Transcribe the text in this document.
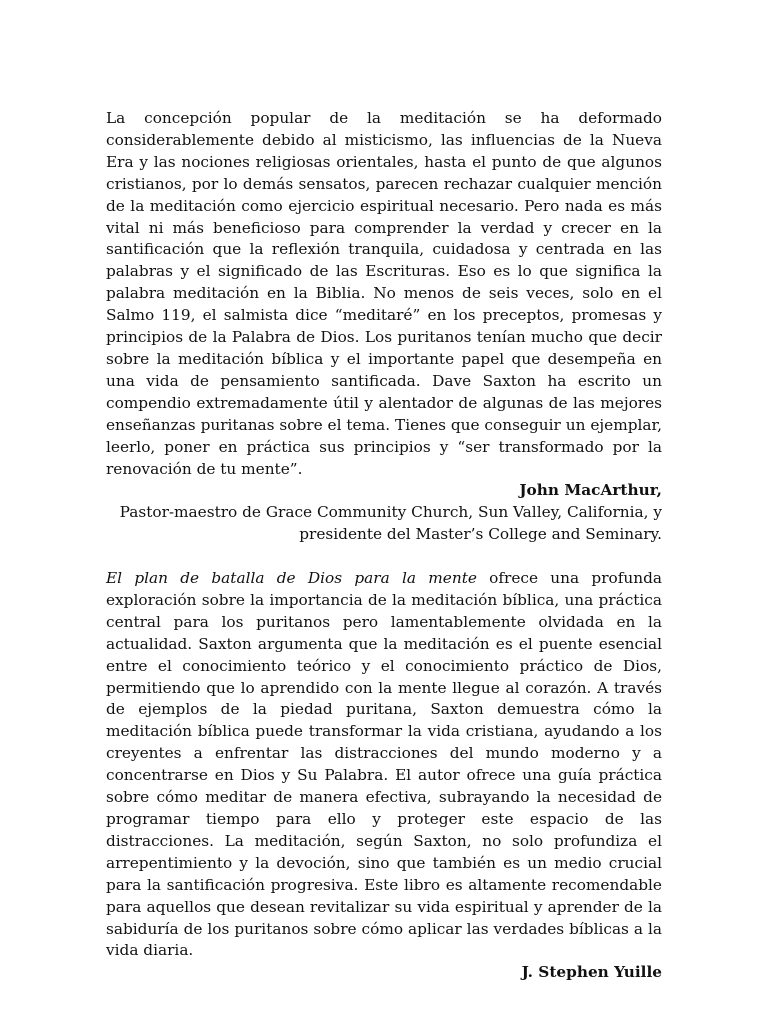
La concepción popular de la meditación se ha deformado considerablemente debido al misticismo, las influencias de la Nueva Era y las nociones religiosas orientales, hasta el punto de que algunos cristianos, por lo demás sensatos, parecen rechazar cualquier mención de la meditación como ejercicio espiritual necesario. Pero nada es más vital ni más beneficioso para comprender la verdad y crecer en la santificación que la reflexión tranquila, cuidadosa y centrada en las palabras y el significado de las Escrituras. Eso es lo que significa la palabra meditación en la Biblia. No menos de seis veces, solo en el Salmo 119, el salmista dice “meditaré” en los preceptos, promesas y principios de la Palabra de Dios. Los puritanos tenían mucho que decir sobre la meditación bíblica y el importante papel que desempeña en una vida de pensamiento santificada. Dave Saxton ha escrito un compendio extremadamente útil y alentador de algunas de las mejores enseñanzas puritanas sobre el tema. Tienes que conseguir un ejemplar, leerlo, poner en práctica sus principios y “ser transformado por la renovación de tu mente”.

John MacArthur,

Pastor-maestro de Grace Community Church, Sun Valley, California, y

presidente del Master’s College and Seminary.

El plan de batalla de Dios para la mente ofrece una profunda exploración sobre la importancia de la meditación bíblica, una práctica central para los puritanos pero lamentablemente olvidada en la actualidad. Saxton argumenta que la meditación es el puente esencial entre el conocimiento teórico y el conocimiento práctico de Dios, permitiendo que lo aprendido con la mente llegue al corazón. A través de ejemplos de la piedad puritana, Saxton demuestra cómo la meditación bíblica puede transformar la vida cristiana, ayudando a los creyentes a enfrentar las distracciones del mundo moderno y a concentrarse en Dios y Su Palabra. El autor ofrece una guía práctica sobre cómo meditar de manera efectiva, subrayando la necesidad de programar tiempo para ello y proteger este espacio de las distracciones. La meditación, según Saxton, no solo profundiza el arrepentimiento y la devoción, sino que también es un medio crucial para la santificación progresiva. Este libro es altamente recomendable para aquellos que desean revitalizar su vida espiritual y aprender de la sabiduría de los puritanos sobre cómo aplicar las verdades bíblicas a la vida diaria.

J. Stephen Yuille
